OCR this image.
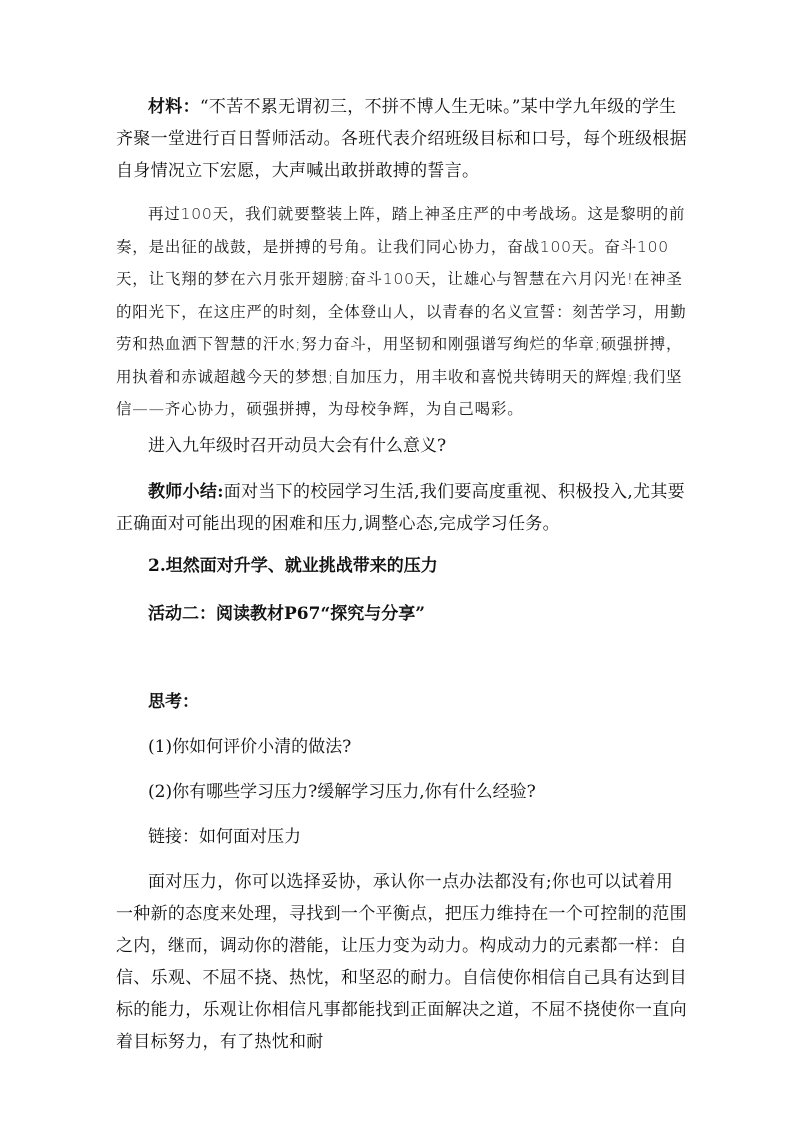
材料：“不苦不累无谓初三，不拼不博人生无味。”某中学九年级的学生齐聚一堂进行百日誓师活动。各班代表介绍班级目标和口号，每个班级根据自身情况立下宏愿，大声喊出敢拼敢搏的誓言。

再过100天，我们就要整装上阵，踏上神圣庄严的中考战场。这是黎明的前奏，是出征的战鼓，是拼搏的号角。让我们同心协力，奋战100天。奋斗100天，让飞翔的梦在六月张开翅膀;奋斗100天，让雄心与智慧在六月闪光!在神圣的阳光下，在这庄严的时刻，全体登山人，以青春的名义宣誓：刻苦学习，用勤劳和热血洒下智慧的汗水;努力奋斗，用坚韧和刚强谱写绚烂的华章;硕强拼搏，用执着和赤诚超越今天的梦想;自加压力，用丰收和喜悦共铸明天的辉煌;我们坚信——齐心协力，硕强拼搏，为母校争辉，为自己喝彩。

进入九年级时召开动员大会有什么意义?

教师小结:面对当下的校园学习生活,我们要高度重视、积极投入,尤其要正确面对可能出现的困难和压力,调整心态,完成学习任务。

2.坦然面对升学、就业挑战带来的压力

活动二：阅读教材P67“探究与分享”

思考：

(1)你如何评价小清的做法?

(2)你有哪些学习压力?缓解学习压力,你有什么经验?

链接：如何面对压力

面对压力，你可以选择妥协，承认你一点办法都没有;你也可以试着用一种新的态度来处理，寻找到一个平衡点，把压力维持在一个可控制的范围之内，继而，调动你的潜能，让压力变为动力。构成动力的元素都一样：自信、乐观、不屈不挠、热忱，和坚忍的耐力。自信使你相信自己具有达到目标的能力，乐观让你相信凡事都能找到正面解决之道，不屈不挠使你一直向着目标努力，有了热忱和耐
